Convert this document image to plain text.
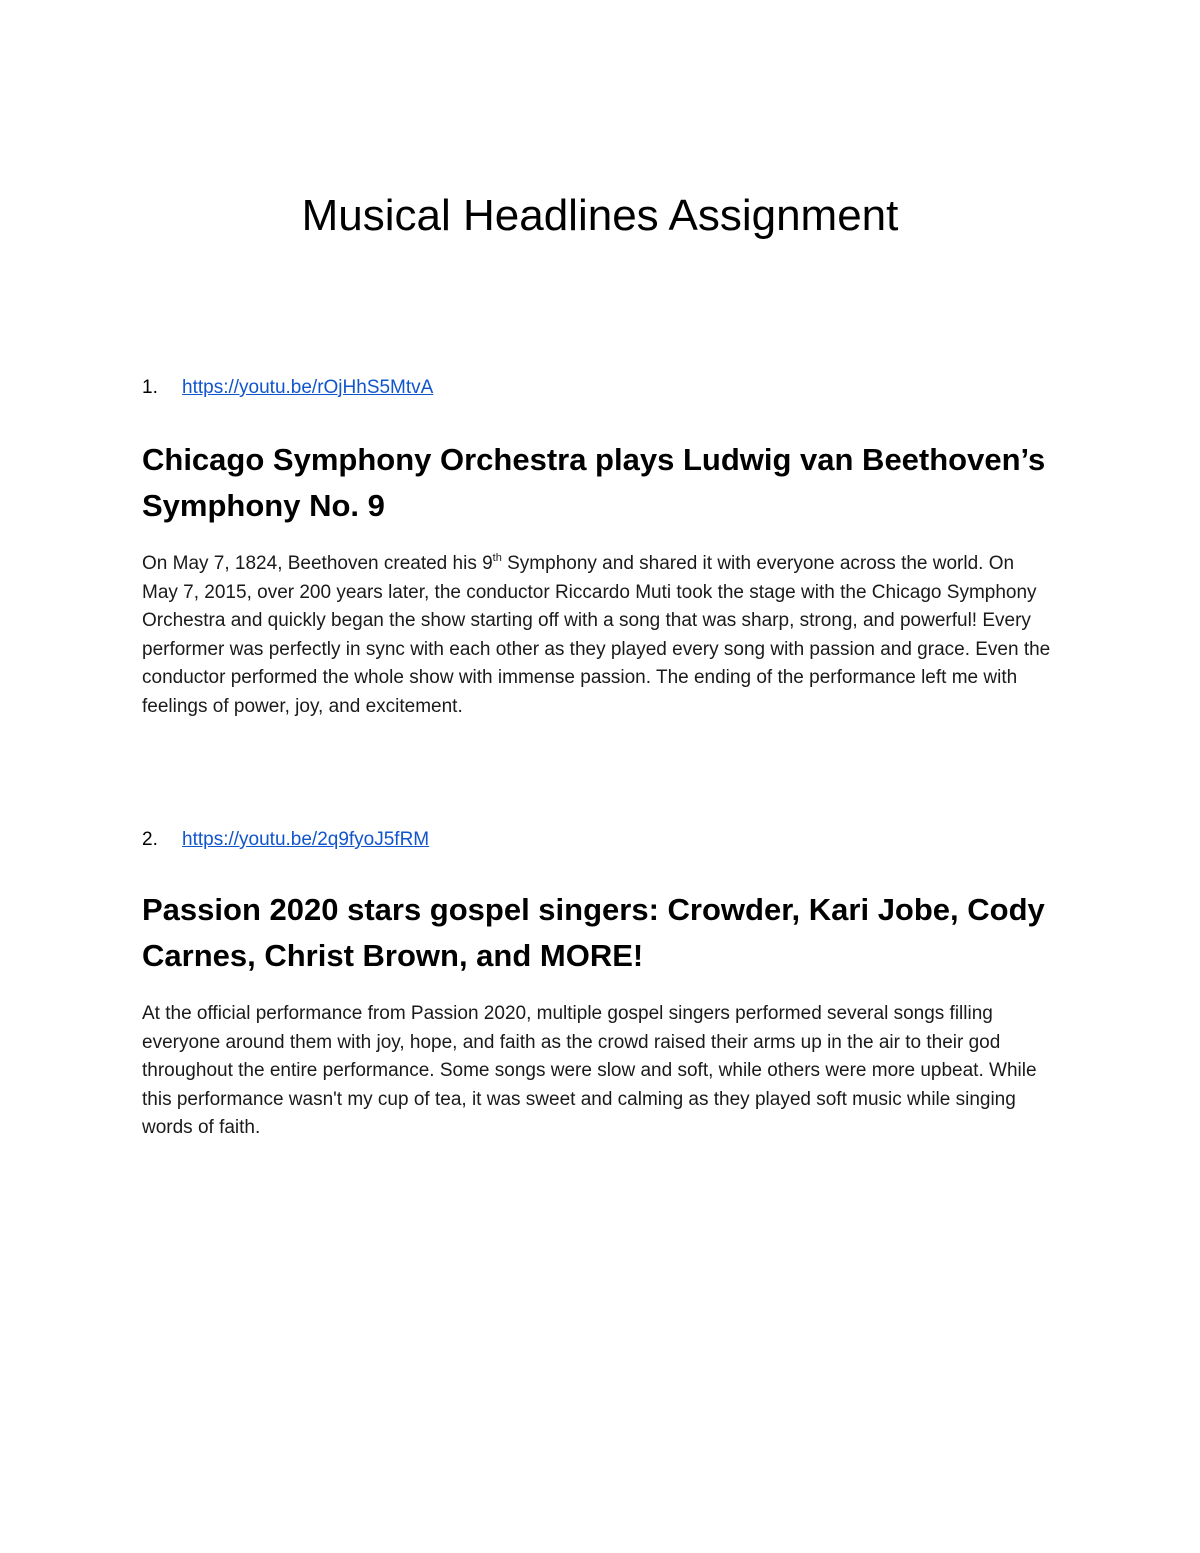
Musical Headlines Assignment
1. https://youtu.be/rOjHhS5MtvA
Chicago Symphony Orchestra plays Ludwig van Beethoven’s Symphony No. 9

On May 7, 1824, Beethoven created his 9th Symphony and shared it with everyone across the world. On May 7, 2015, over 200 years later, the conductor Riccardo Muti took the stage with the Chicago Symphony Orchestra and quickly began the show starting off with a song that was sharp, strong, and powerful! Every performer was perfectly in sync with each other as they played every song with passion and grace. Even the conductor performed the whole show with immense passion. The ending of the performance left me with feelings of power, joy, and excitement.

2. https://youtu.be/2q9fyoJ5fRM
Passion 2020 stars gospel singers: Crowder, Kari Jobe, Cody Carnes, Christ Brown, and MORE!

At the official performance from Passion 2020, multiple gospel singers performed several songs filling everyone around them with joy, hope, and faith as the crowd raised their arms up in the air to their god throughout the entire performance. Some songs were slow and soft, while others were more upbeat. While this performance wasn't my cup of tea, it was sweet and calming as they played soft music while singing words of faith.
